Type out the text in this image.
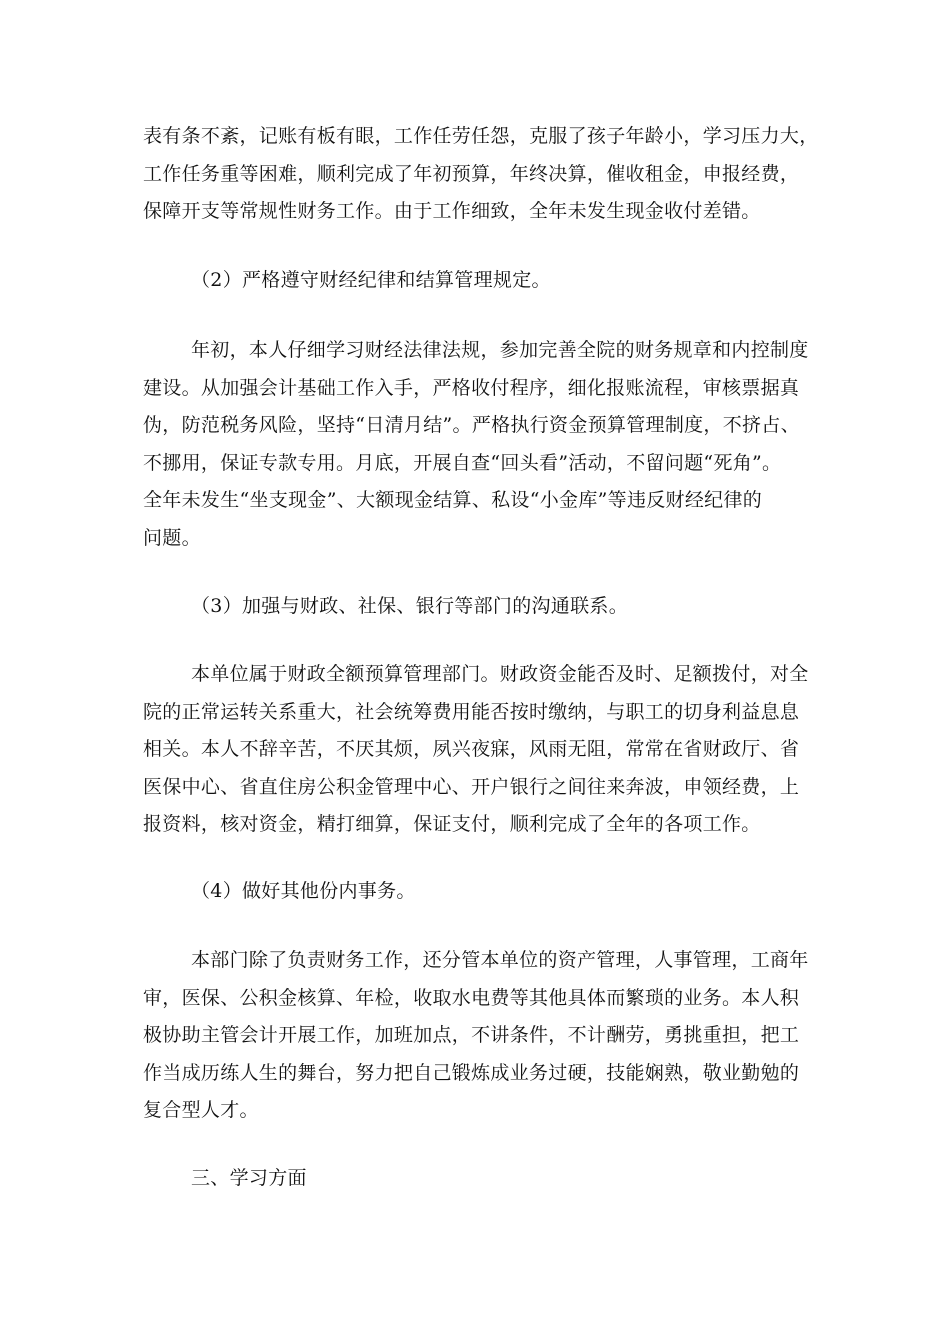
表有条不紊，记账有板有眼，工作任劳任怨，克服了孩子年龄小，学习压力大，
工作任务重等困难，顺利完成了年初预算，年终决算，催收租金，申报经费，
保障开支等常规性财务工作。由于工作细致，全年未发生现金收付差错。

（2）严格遵守财经纪律和结算管理规定。

年初，本人仔细学习财经法律法规，参加完善全院的财务规章和内控制度
建设。从加强会计基础工作入手，严格收付程序，细化报账流程，审核票据真
伪，防范税务风险，坚持“日清月结”。严格执行资金预算管理制度，不挤占、
不挪用，保证专款专用。月底，开展自查“回头看”活动，不留问题“死角”。
全年未发生“坐支现金”、大额现金结算、私设“小金库”等违反财经纪律的
问题。

（3）加强与财政、社保、银行等部门的沟通联系。

本单位属于财政全额预算管理部门。财政资金能否及时、足额拨付，对全
院的正常运转关系重大，社会统筹费用能否按时缴纳，与职工的切身利益息息
相关。本人不辞辛苦，不厌其烦，夙兴夜寐，风雨无阻，常常在省财政厅、省
医保中心、省直住房公积金管理中心、开户银行之间往来奔波，申领经费，上
报资料，核对资金，精打细算，保证支付，顺利完成了全年的各项工作。

（4）做好其他份内事务。

本部门除了负责财务工作，还分管本单位的资产管理，人事管理，工商年
审，医保、公积金核算、年检，收取水电费等其他具体而繁琐的业务。本人积
极协助主管会计开展工作，加班加点，不讲条件，不计酬劳，勇挑重担，把工
作当成历练人生的舞台，努力把自己锻炼成业务过硬，技能娴熟，敬业勤勉的
复合型人才。

三、学习方面
